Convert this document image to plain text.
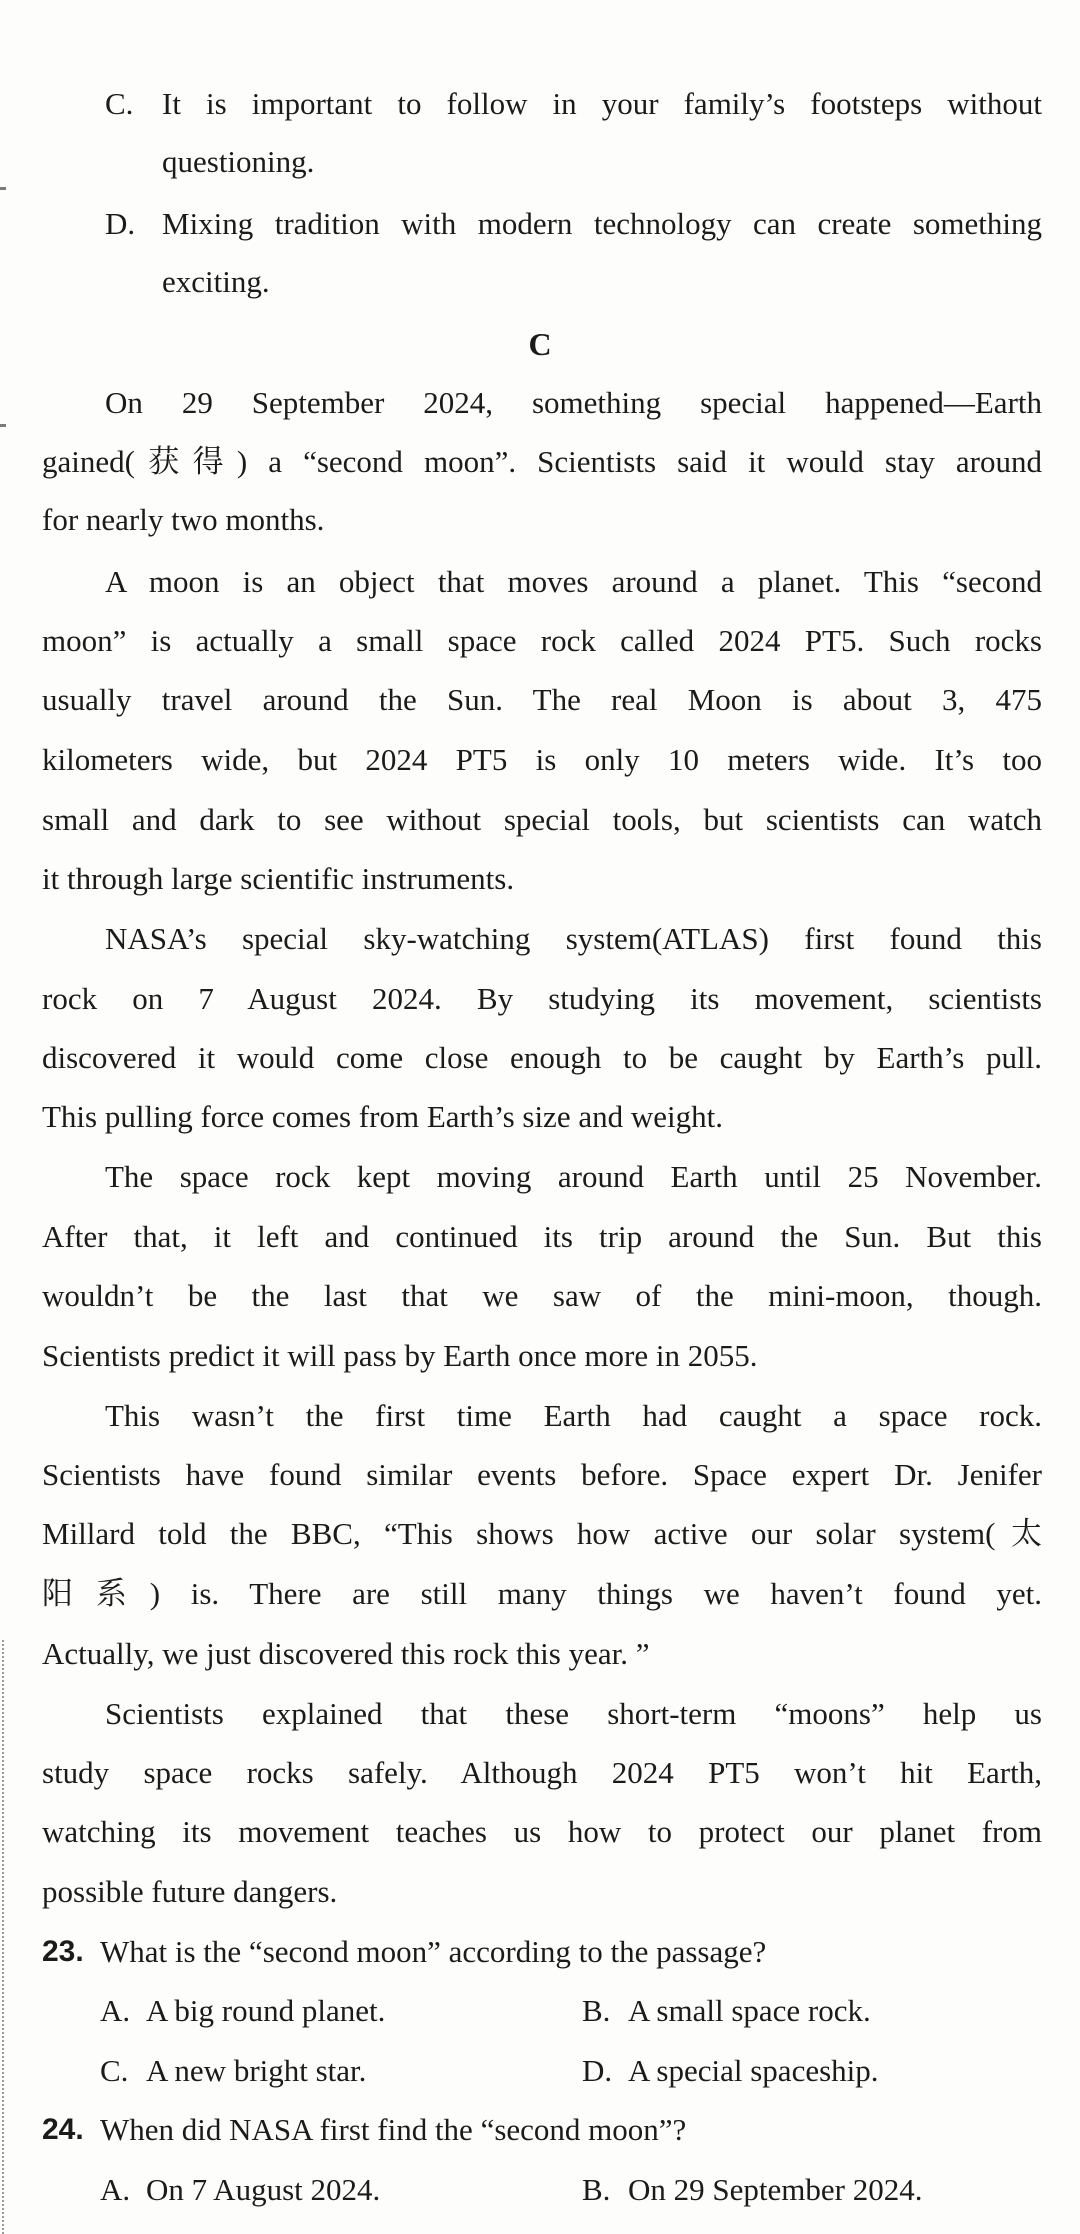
C. It is important to follow in your family’s footsteps without
questioning.
D. Mixing tradition with modern technology can create something
exciting.
C
On 29 September 2024, something special happened—Earth
gained(获得) a “second moon”. Scientists said it would stay around
for nearly two months.
A moon is an object that moves around a planet. This “second
moon” is actually a small space rock called 2024 PT5. Such rocks
usually travel around the Sun. The real Moon is about 3, 475
kilometers wide, but 2024 PT5 is only 10 meters wide. It’s too
small and dark to see without special tools, but scientists can watch
it through large scientific instruments.
NASA’s special sky-watching system(ATLAS) first found this
rock on 7 August 2024. By studying its movement, scientists
discovered it would come close enough to be caught by Earth’s pull.
This pulling force comes from Earth’s size and weight.
The space rock kept moving around Earth until 25 November.
After that, it left and continued its trip around the Sun. But this
wouldn’t be the last that we saw of the mini-moon, though.
Scientists predict it will pass by Earth once more in 2055.
This wasn’t the first time Earth had caught a space rock.
Scientists have found similar events before. Space expert Dr. Jenifer
Millard told the BBC, “This shows how active our solar system(太
阳系) is. There are still many things we haven’t found yet.
Actually, we just discovered this rock this year. ”
Scientists explained that these short-term “moons” help us
study space rocks safely. Although 2024 PT5 won’t hit Earth,
watching its movement teaches us how to protect our planet from
possible future dangers.
23. What is the “second moon” according to the passage?
A. A big round planet.	B. A small space rock.
C. A new bright star.	D. A special spaceship.
24. When did NASA first find the “second moon”?
A. On 7 August 2024.	B. On 29 September 2024.
